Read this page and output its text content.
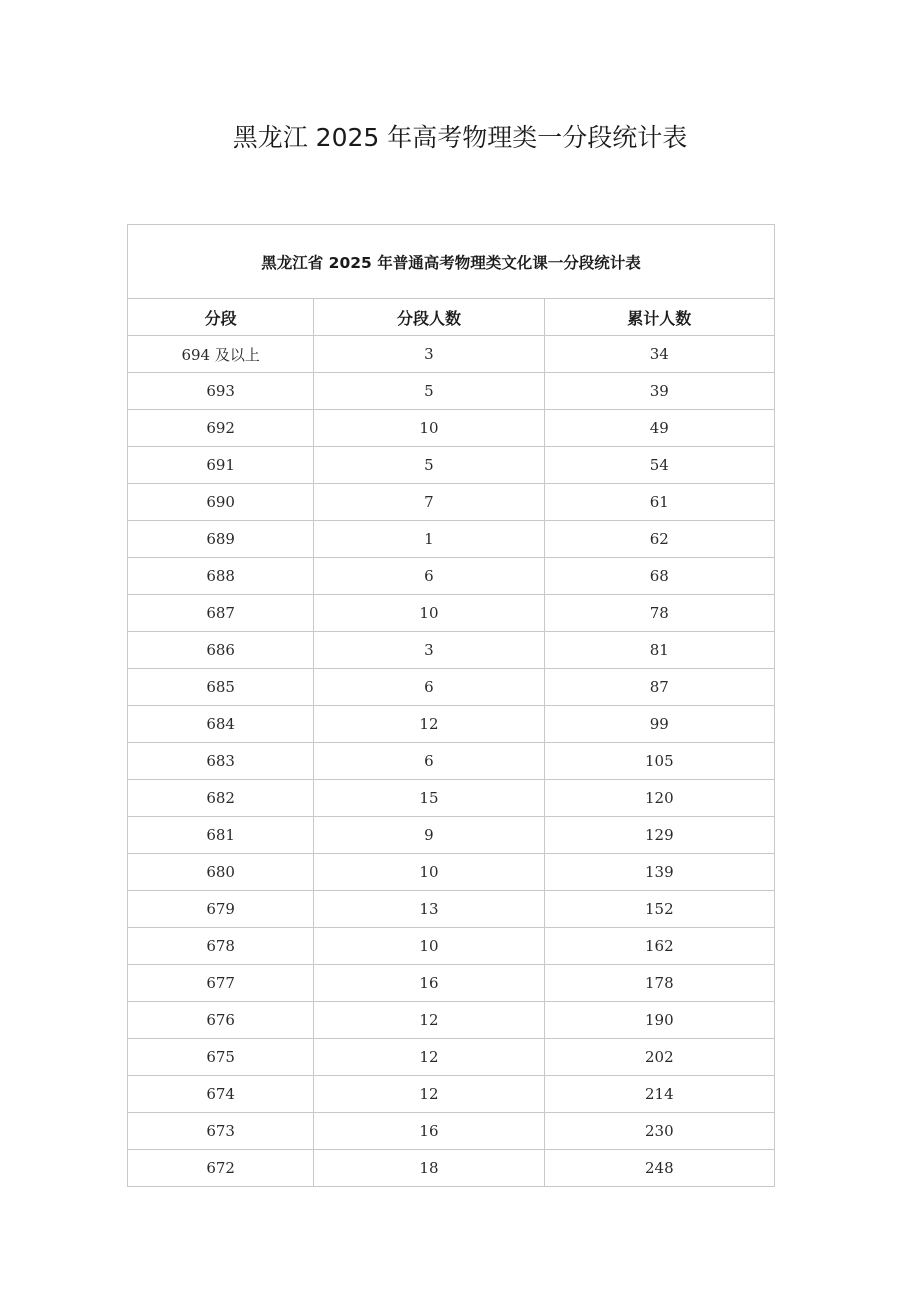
黑龙江 2025 年高考物理类一分段统计表
黑龙江省 2025 年普通高考物理类文化课一分段统计表		
分段	分段人数	累计人数
694 及以上	3	34
693	5	39
692	10	49
691	5	54
690	7	61
689	1	62
688	6	68
687	10	78
686	3	81
685	6	87
684	12	99
683	6	105
682	15	120
681	9	129
680	10	139
679	13	152
678	10	162
677	16	178
676	12	190
675	12	202
674	12	214
673	16	230
672	18	248
